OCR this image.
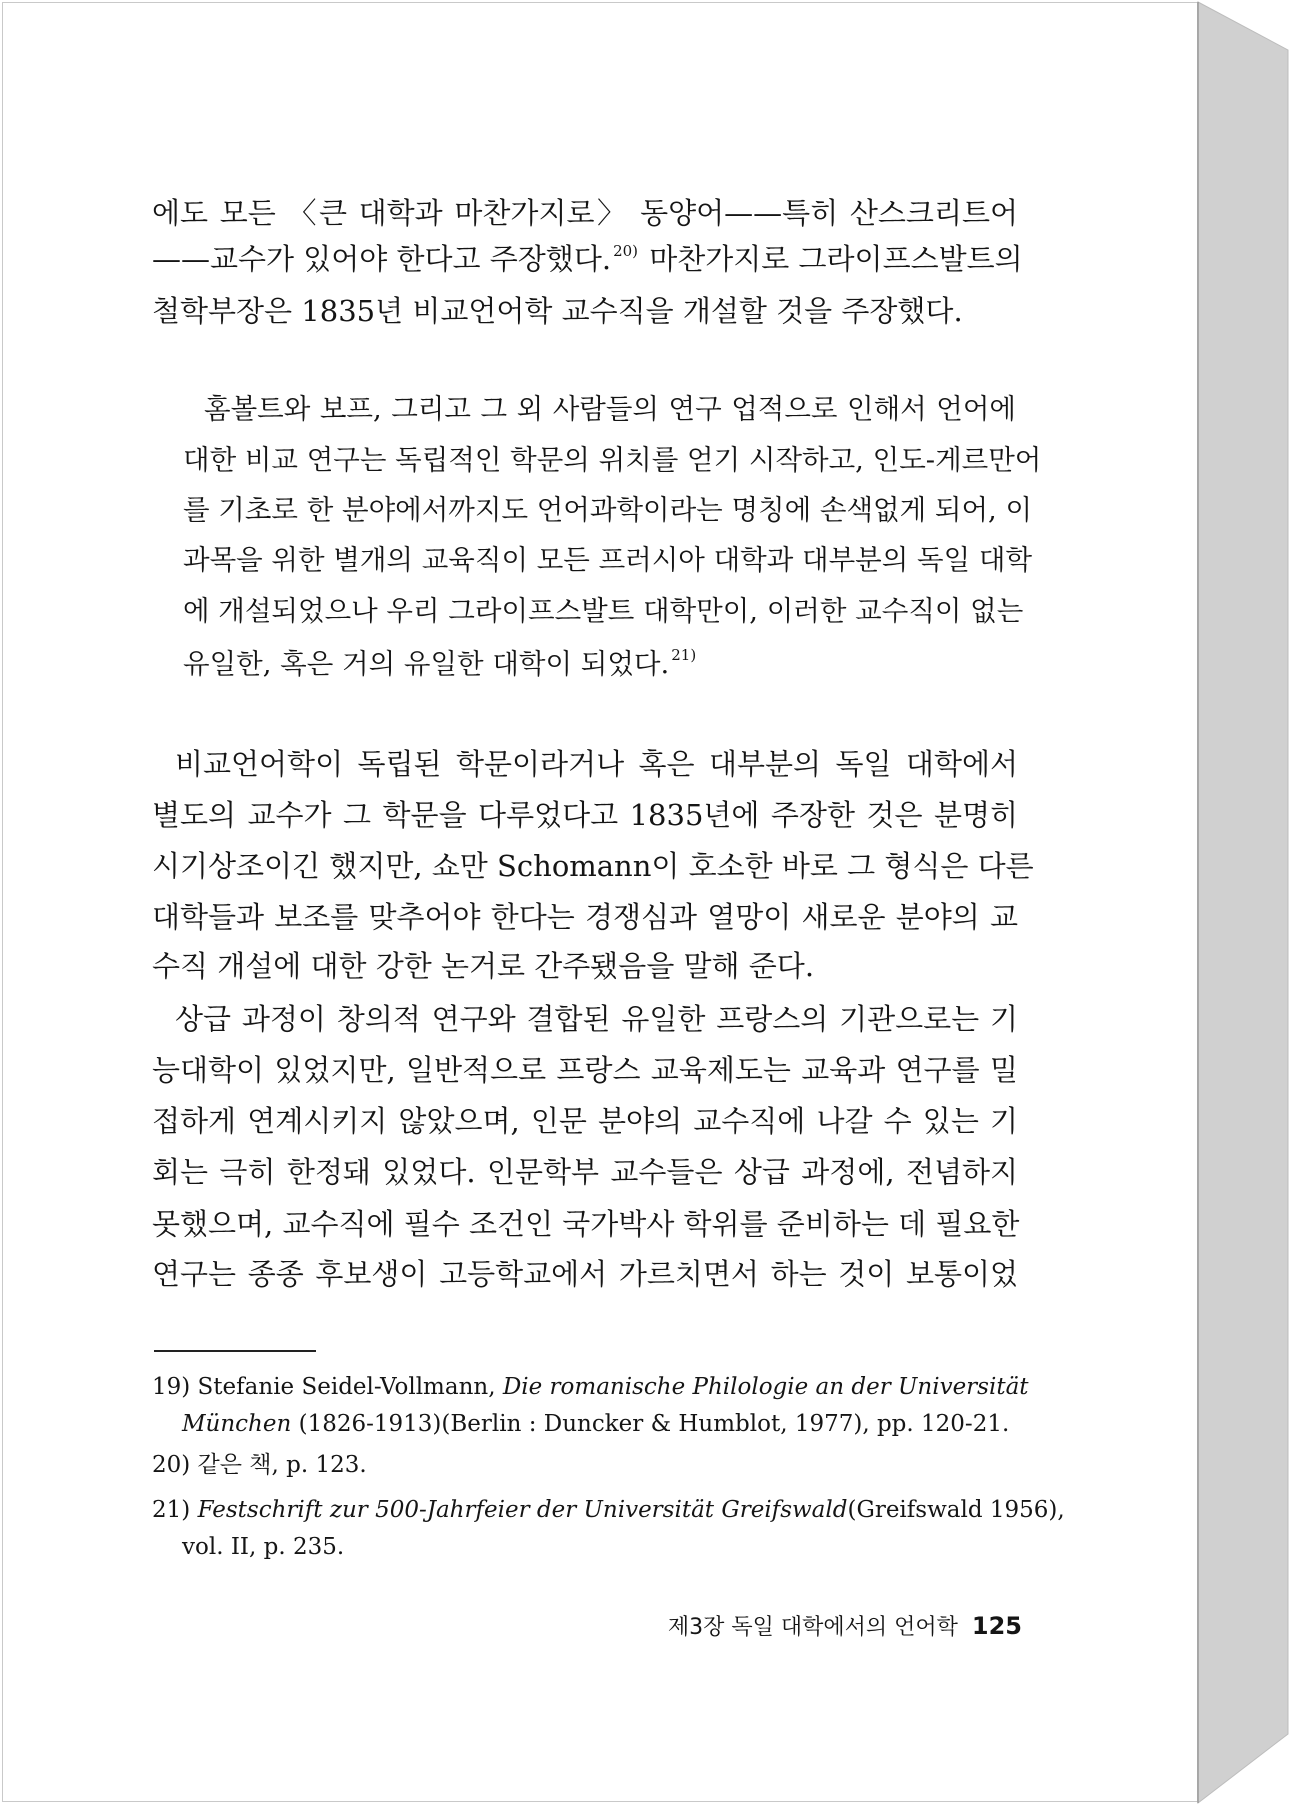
에도 모든 〈큰 대학과 마찬가지로〉 동양어——특히 산스크리트어
——교수가 있어야 한다고 주장했다. $^{20)}$ 마찬가지로 그라이프스발트의
철학부장은 1835년 비교언어학 교수직을 개설할 것을 주장했다.
홈볼트와 보프, 그리고 그 외 사람들의 연구 업적으로 인해서 언어에
대한 비교 연구는 독립적인 학문의 위치를 얻기 시작하고, 인도-게르만어
를 기초로 한 분야에서까지도 언어과학이라는 명칭에 손색없게 되어, 이
과목을 위한 별개의 교육직이 모든 프러시아 대학과 대부분의 독일 대학
에 개설되었으나 우리 그라이프스발트 대학만이, 이러한 교수직이 없는
유일한, 혹은 거의 유일한 대학이 되었다. $^{21)}$
비교언어학이 독립된 학문이라거나 혹은 대부분의 독일 대학에서
별도의 교수가 그 학문을 다루었다고 1835년에 주장한 것은 분명히
시기상조이긴 했지만, 쇼만 Schomann이 호소한 바로 그 형식은 다른
대학들과 보조를 맞추어야 한다는 경쟁심과 열망이 새로운 분야의 교
수직 개설에 대한 강한 논거로 간주됐음을 말해 준다.
상급 과정이 창의적 연구와 결합된 유일한 프랑스의 기관으로는 기
능대학이 있었지만, 일반적으로 프랑스 교육제도는 교육과 연구를 밀
접하게 연계시키지 않았으며, 인문 분야의 교수직에 나갈 수 있는 기
회는 극히 한정돼 있었다. 인문학부 교수들은 상급 과정에, 전념하지
못했으며, 교수직에 필수 조건인 국가박사 학위를 준비하는 데 필요한
연구는 종종 후보생이 고등학교에서 가르치면서 하는 것이 보통이었
19) Stefanie Seidel-Vollmann, Die romanische Philologie an der Universität
München (1826-1913)(Berlin : Duncker & Humblot, 1977), pp. 120-21.
20) 같은 책, p. 123.
21) Festschrift zur 500-Jahrfeier der Universität Greifswald(Greifswald 1956),
vol. II, p. 235.
제3장 독일 대학에서의 언어학 125
